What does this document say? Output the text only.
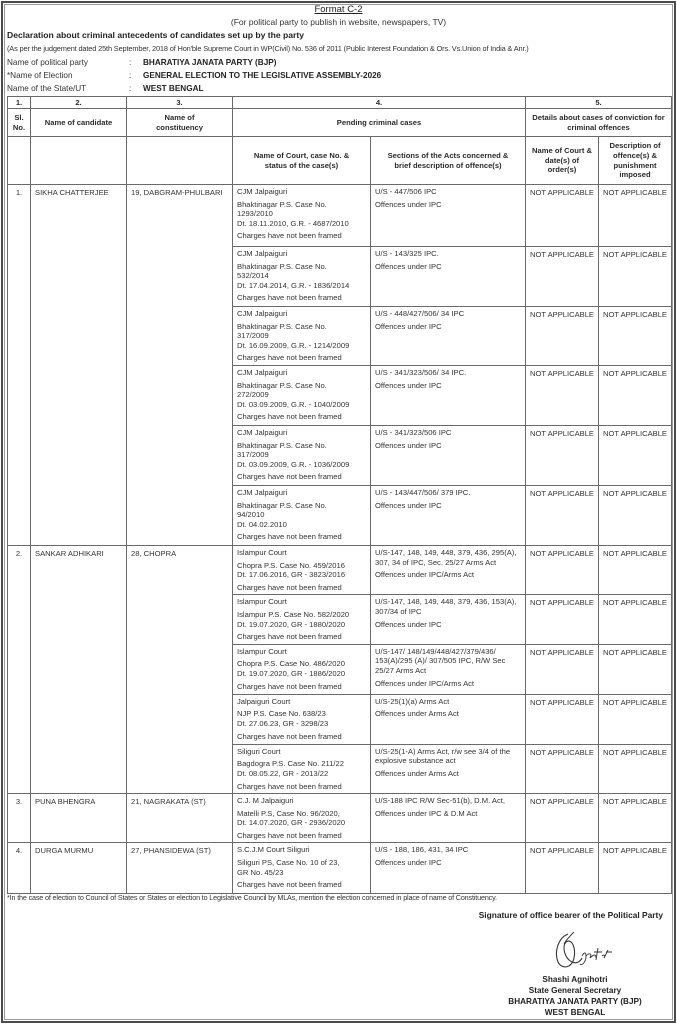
Format C-2
(For political party to publish in website, newspapers, TV)
Declaration about criminal antecedents of candidates set up by the party
(As per the judgement dated 25th September, 2018 of Hon'ble Supreme Court in WP(Civil) No. 536 of 2011 (Public Interest Foundation & Ors. Vs.Union of India & Anr.)
Name of political party	: BHARATIYA JANATA PARTY (BJP)
*Name of Election	: GENERAL ELECTION TO THE LEGISLATIVE ASSEMBLY-2026
Name of the State/UT	: WEST BENGAL
1.	2.	3.	4.		5.	
Sl. No.	Name of candidate	Name of constituency	Pending criminal cases		Details about cases of conviction for criminal offences	
			Name of Court, case No. & status of the case(s)	Sections of the Acts concerned & brief description of offence(s)	Name of Court & date(s) of order(s)	Description of offence(s) & punishment imposed
1.	SIKHA CHATTERJEE	19, DABGRAM-PHULBARI	CJM Jalpaiguri
Bhaktinagar P.S. Case No.
1293/2010
Dt. 18.11.2010, G.R. - 4687/2010
Charges have not been framed	U/S - 447/506 IPC
Offences under IPC	NOT APPLICABLE	NOT APPLICABLE

			CJM Jalpaiguri
Bhaktinagar P.S. Case No.
532/2014
Dt. 17.04.2014, G.R. - 1836/2014
Charges have not been framed	U/S - 143/325 IPC.
Offences under IPC	NOT APPLICABLE	NOT APPLICABLE

			CJM Jalpaiguri
Bhaktinagar P.S. Case No.
317/2009
Dt. 16.09.2009, G.R. - 1214/2009
Charges have not been framed	U/S - 448/427/506/ 34 IPC
Offences under IPC	NOT APPLICABLE	NOT APPLICABLE

			CJM Jalpaiguri
Bhaktinagar P.S. Case No.
272/2009
Dt. 03.09.2009, G.R. - 1040/2009
Charges have not been framed	U/S - 341/323/506/ 34 IPC.
Offences under IPC	NOT APPLICABLE	NOT APPLICABLE

			CJM Jalpaiguri
Bhaktinagar P.S. Case No.
317/2009
Dt. 03.09.2009, G.R. - 1036/2009
Charges have not been framed	U/S - 341/323/506 IPC
Offences under IPC	NOT APPLICABLE	NOT APPLICABLE

			CJM Jalpaiguri
Bhaktinagar P.S. Case No.
94/2010
Dt. 04.02.2010
Charges have not been framed	U/S - 143/447/506/ 379 IPC.
Offences under IPC	NOT APPLICABLE	NOT APPLICABLE
2.	SANKAR ADHIKARI	28, CHOPRA	Islampur Court
Chopra P.S. Case No. 459/2016
Dt. 17.06.2016, GR - 3823/2016
Charges have not been framed	U/S-147, 148, 149, 448, 379, 436, 295(A), 307, 34 of IPC, Sec. 25/27 Arms Act
Offences under IPC/Arms Act	NOT APPLICABLE	NOT APPLICABLE

			Islampur Court
Islampur P.S. Case No. 582/2020
Dt. 19.07.2020, GR - 1880/2020
Charges have not been framed	U/S-147, 148, 149, 448, 379, 436, 153(A), 307/34 of IPC
Offences under IPC	NOT APPLICABLE	NOT APPLICABLE

			Islampur Court
Chopra P.S. Case No. 486/2020
Dt. 19.07.2020, GR - 1886/2020
Charges have not been framed	U/S-147/ 148/149/448/427/379/436/ 153(A)/295 (A)/ 307/505 IPC, R/W Sec 25/27 Arms Act
Offences under IPC/Arms Act	NOT APPLICABLE	NOT APPLICABLE

			Jalpaiguri Court
NJP P.S. Case No. 638/23
Dt. 27.06.23, GR - 3298/23
Charges have not been framed	U/S-25(1)(a) Arms Act
Offences under Arms Act	NOT APPLICABLE	NOT APPLICABLE

			Siliguri Court
Bagdogra P.S. Case No. 211/22
Dt. 08.05.22, GR - 2013/22
Charges have not been framed	U/S-25(1-A) Arms Act, r/w see 3/4 of the explosive substance act
Offences under Arms Act	NOT APPLICABLE	NOT APPLICABLE
3.	PUNA BHENGRA	21, NAGRAKATA (ST)	C.J. M Jalpaiguri
Matelli P.S, Case No. 96/2020,
Dt. 14.07.2020, GR - 2936/2020
Charges have not been framed	U/S-188 IPC R/W Sec-51(b), D.M. Act,
Offences under IPC & D.M Act	NOT APPLICABLE	NOT APPLICABLE
4.	DURGA MURMU	27, PHANSIDEWA (ST)	S.C.J.M Court Siliguri
Siliguri PS, Case No. 10 of 23,
GR No. 45/23
Charges have not been framed	U/S - 188, 186, 431, 34 IPC
Offences under IPC	NOT APPLICABLE	NOT APPLICABLE
*In the case of election to Council of States or States or election to Legislative Council by MLAs, mention the election concerned in place of name of Constituency.
Signature of office bearer of the Political Party
Shashi Agnihotri
State General Secretary
BHARATIYA JANATA PARTY (BJP)
WEST BENGAL
